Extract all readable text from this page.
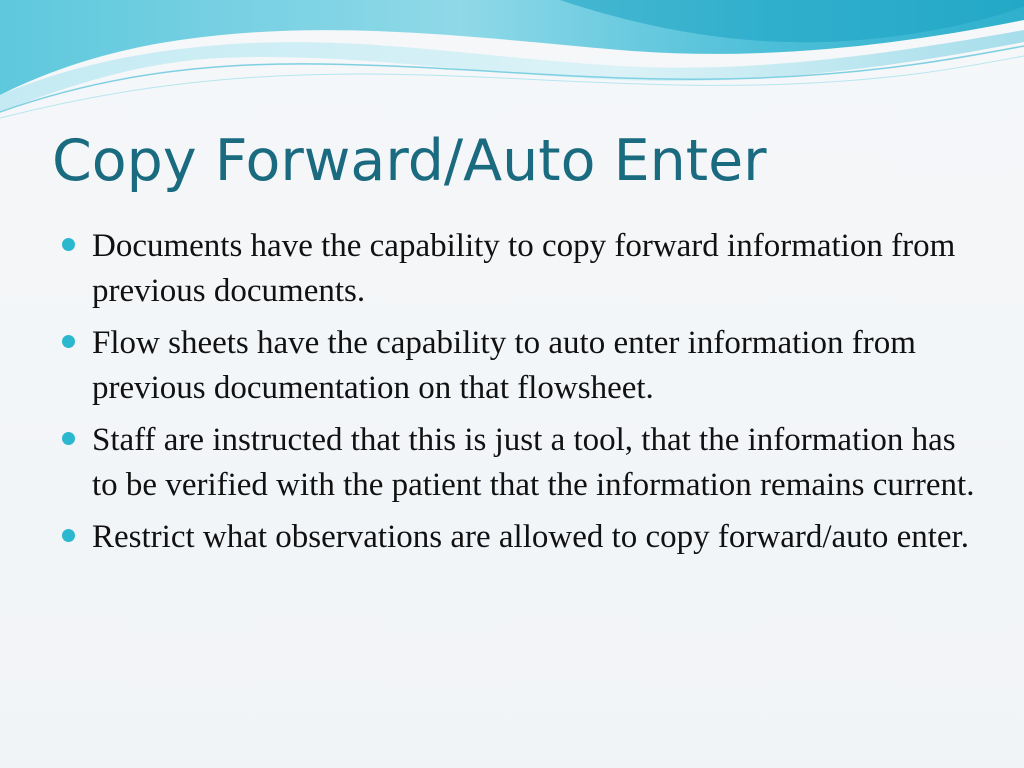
Copy Forward/Auto Enter
Documents have the capability to copy forward information from previous documents.
Flow sheets have the capability to auto enter information from previous documentation on that flowsheet.
Staff are instructed that this is just a tool, that the information has to be verified with the patient that the information remains current.
Restrict what observations are allowed to copy forward/auto enter.
